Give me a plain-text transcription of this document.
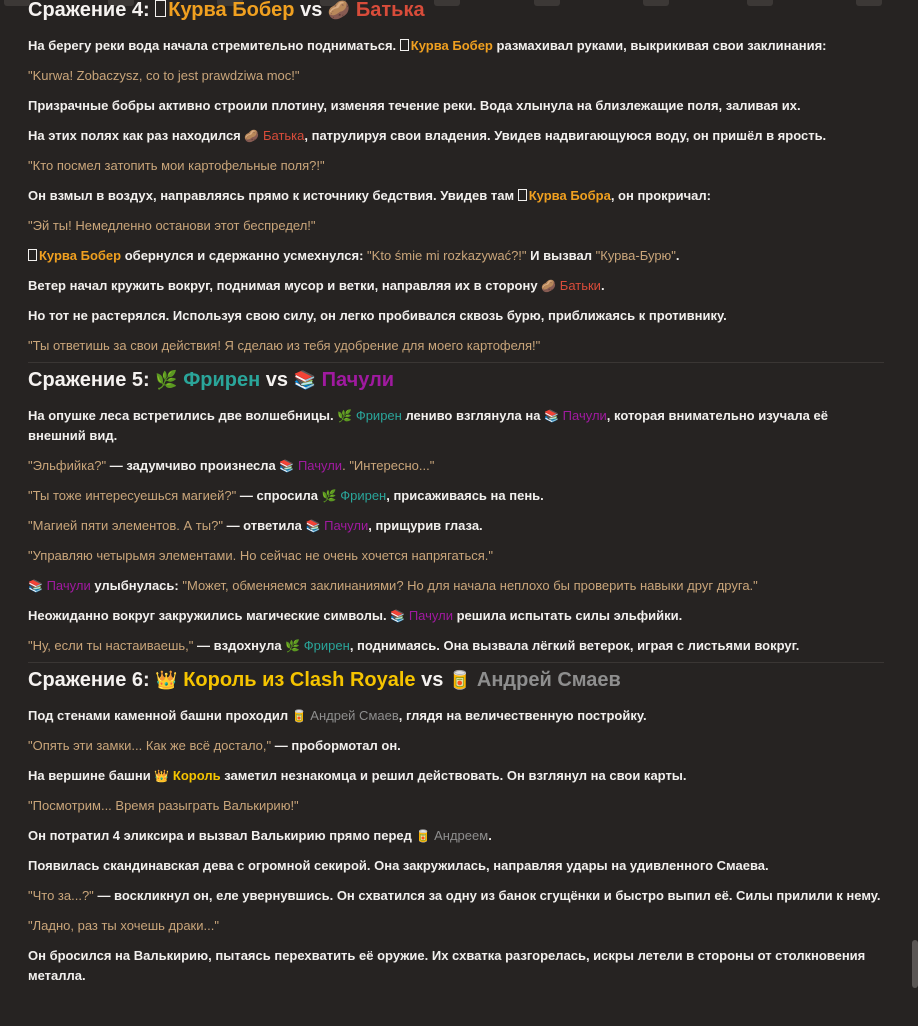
Сражение 4: Курва Бобер vs 🥔 Батька
На берегу реки вода начала стремительно подниматься. Курва Бобер размахивал руками, выкрикивая свои заклинания:
"Kurwa! Zobaczysz, co to jest prawdziwa moc!"
Призрачные бобры активно строили плотину, изменяя течение реки. Вода хлынула на близлежащие поля, заливая их.
На этих полях как раз находился 🥔 Батька, патрулируя свои владения. Увидев надвигающуюся воду, он пришёл в ярость.
"Кто посмел затопить мои картофельные поля?!"
Он взмыл в воздух, направляясь прямо к источнику бедствия. Увидев там Курва Бобра, он прокричал:
"Эй ты! Немедленно останови этот беспредел!"
Курва Бобер обернулся и сдержанно усмехнулся: "Kto śmie mi rozkazywać?!" И вызвал "Курва-Бурю".
Ветер начал кружить вокруг, поднимая мусор и ветки, направляя их в сторону 🥔 Батьки.
Но тот не растерялся. Используя свою силу, он легко пробивался сквозь бурю, приближаясь к противнику.
"Ты ответишь за свои действия! Я сделаю из тебя удобрение для моего картофеля!"
Сражение 5: 🌿 Фрирен vs 📚 Пачули
На опушке леса встретились две волшебницы. 🌿 Фрирен лениво взглянула на 📚 Пачули, которая внимательно изучала её внешний вид.
"Эльфийка?" — задумчиво произнесла 📚 Пачули. "Интересно..."
"Ты тоже интересуешься магией?" — спросила 🌿 Фрирен, присаживаясь на пень.
"Магией пяти элементов. А ты?" — ответила 📚 Пачули, прищурив глаза.
"Управляю четырьмя элементами. Но сейчас не очень хочется напрягаться."
📚 Пачули улыбнулась: "Может, обменяемся заклинаниями? Но для начала неплохо бы проверить навыки друг друга."
Неожиданно вокруг закружились магические символы. 📚 Пачули решила испытать силы эльфийки.
"Ну, если ты настаиваешь," — вздохнула 🌿 Фрирен, поднимаясь. Она вызвала лёгкий ветерок, играя с листьями вокруг.
Сражение 6: 👑 Король из Clash Royale vs 🥫 Андрей Смаев
Под стенами каменной башни проходил 🥫 Андрей Смаев, глядя на величественную постройку.
"Опять эти замки... Как же всё достало," — пробормотал он.
На вершине башни 👑 Король заметил незнакомца и решил действовать. Он взглянул на свои карты.
"Посмотрим... Время разыграть Валькирию!"
Он потратил 4 эликсира и вызвал Валькирию прямо перед 🥫 Андреем.
Появилась скандинавская дева с огромной секирой. Она закружилась, направляя удары на удивленного Смаева.
"Что за...?" — воскликнул он, еле увернувшись. Он схватился за одну из банок сгущёнки и быстро выпил её. Силы прилили к нему.
"Ладно, раз ты хочешь драки..."
Он бросился на Валькирию, пытаясь перехватить её оружие. Их схватка разгорелась, искры летели в стороны от столкновения металла.
